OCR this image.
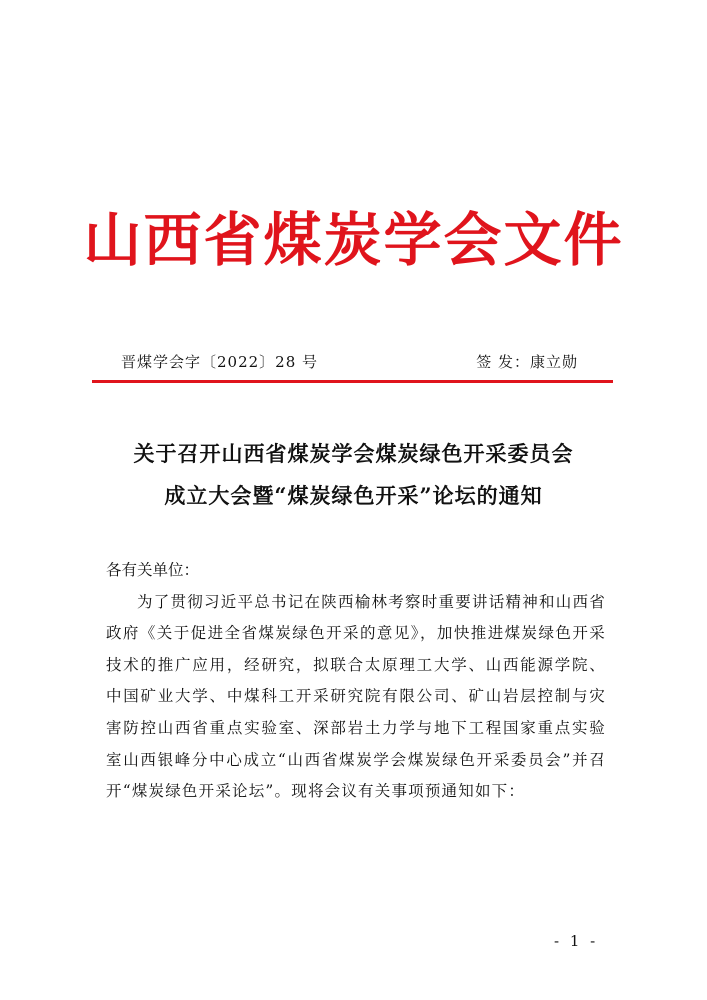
山西省煤炭学会文件
晋煤学会字〔2022〕28 号	签 发：康立勋
关于召开山西省煤炭学会煤炭绿色开采委员会
成立大会暨“煤炭绿色开采”论坛的通知

各有关单位：

为了贯彻习近平总书记在陕西榆林考察时重要讲话精神和山西省政府《关于促进全省煤炭绿色开采的意见》，加快推进煤炭绿色开采技术的推广应用，经研究，拟联合太原理工大学、山西能源学院、中国矿业大学、中煤科工开采研究院有限公司、矿山岩层控制与灾害防控山西省重点实验室、深部岩土力学与地下工程国家重点实验室山西银峰分中心成立“山西省煤炭学会煤炭绿色开采委员会”并召开“煤炭绿色开采论坛”。现将会议有关事项预通知如下：

- 1 -
